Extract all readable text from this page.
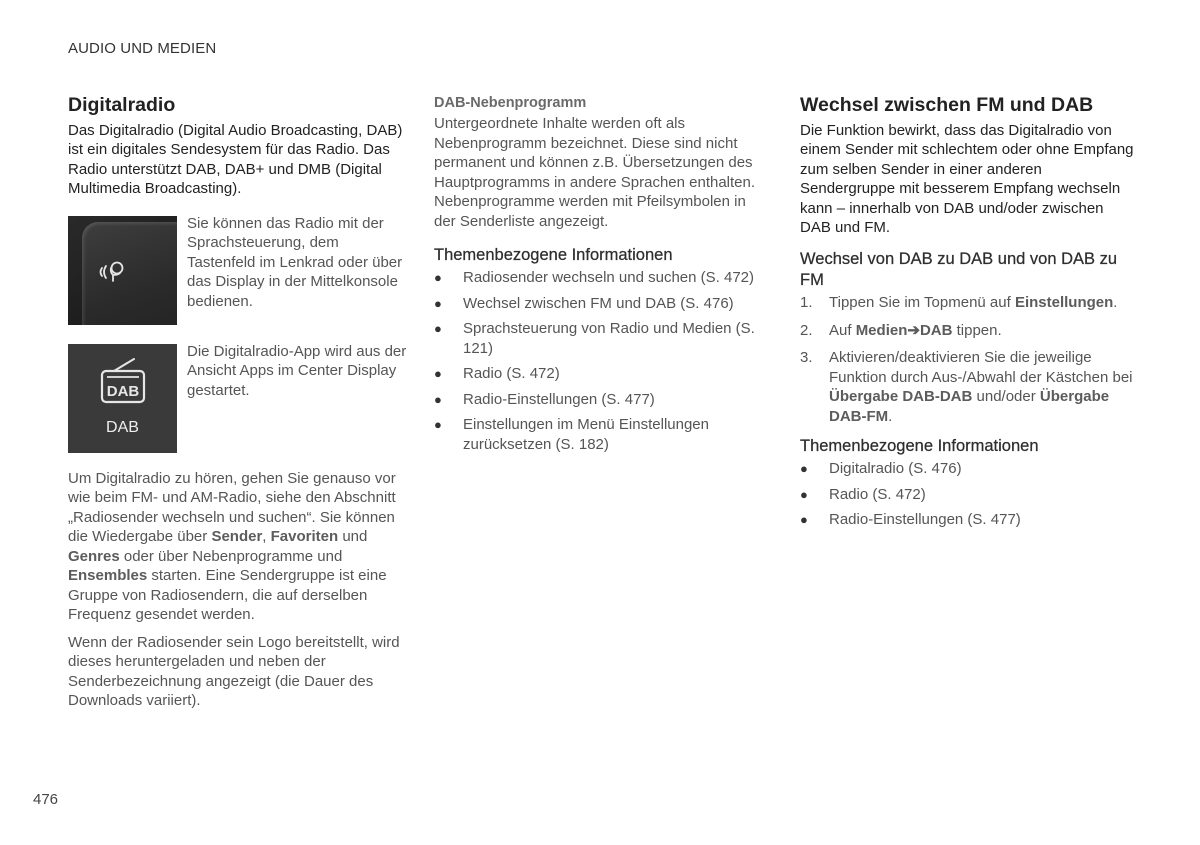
AUDIO UND MEDIEN
Digitalradio

Das Digitalradio (Digital Audio Broadcasting, DAB) ist ein digitales Sendesystem für das Radio. Das Radio unterstützt DAB, DAB+ und DMB (Digital Multimedia Broadcasting).

Sie können das Radio mit der Sprachsteuerung, dem Tastenfeld im Lenkrad oder über das Display in der Mittelkonsole bedienen.
DAB
DAB
Die Digitalradio-App wird aus der Ansicht Apps im Center Display gestartet.

Um Digitalradio zu hören, gehen Sie genauso vor wie beim FM- und AM-Radio, siehe den Abschnitt „Radiosender wechseln und suchen“. Sie können die Wiedergabe über Sender, Favoriten und Genres oder über Nebenprogramme und Ensembles starten. Eine Sendergruppe ist eine Gruppe von Radiosendern, die auf derselben Frequenz gesendet werden.

Wenn der Radiosender sein Logo bereitstellt, wird dieses heruntergeladen und neben der Senderbezeichnung angezeigt (die Dauer des Downloads variiert).

DAB-Nebenprogramm

Untergeordnete Inhalte werden oft als Nebenprogramm bezeichnet. Diese sind nicht permanent und können z.B. Übersetzungen des Hauptprogramms in andere Sprachen enthalten. Nebenprogramme werden mit Pfeilsymbolen in der Senderliste angezeigt.

Themenbezogene Informationen
● Radiosender wechseln und suchen (S. 472)
● Wechsel zwischen FM und DAB (S. 476)
● Sprachsteuerung von Radio und Medien (S. 121)
● Radio (S. 472)
● Radio-Einstellungen (S. 477)
● Einstellungen im Menü Einstellungen zurücksetzen (S. 182)
Wechsel zwischen FM und DAB

Die Funktion bewirkt, dass das Digitalradio von einem Sender mit schlechtem oder ohne Empfang zum selben Sender in einer anderen Sendergruppe mit besserem Empfang wechseln kann – innerhalb von DAB und/oder zwischen DAB und FM.

Wechsel von DAB zu DAB und von DAB zu FM
1. Tippen Sie im Topmenü auf Einstellungen.
2. Auf Medien➔DAB tippen.
3. Aktivieren/deaktivieren Sie die jeweilige Funktion durch Aus-/Abwahl der Kästchen bei Übergabe DAB-DAB und/oder Übergabe DAB-FM.
Themenbezogene Informationen
● Digitalradio (S. 476)
● Radio (S. 472)
● Radio-Einstellungen (S. 477)
476
